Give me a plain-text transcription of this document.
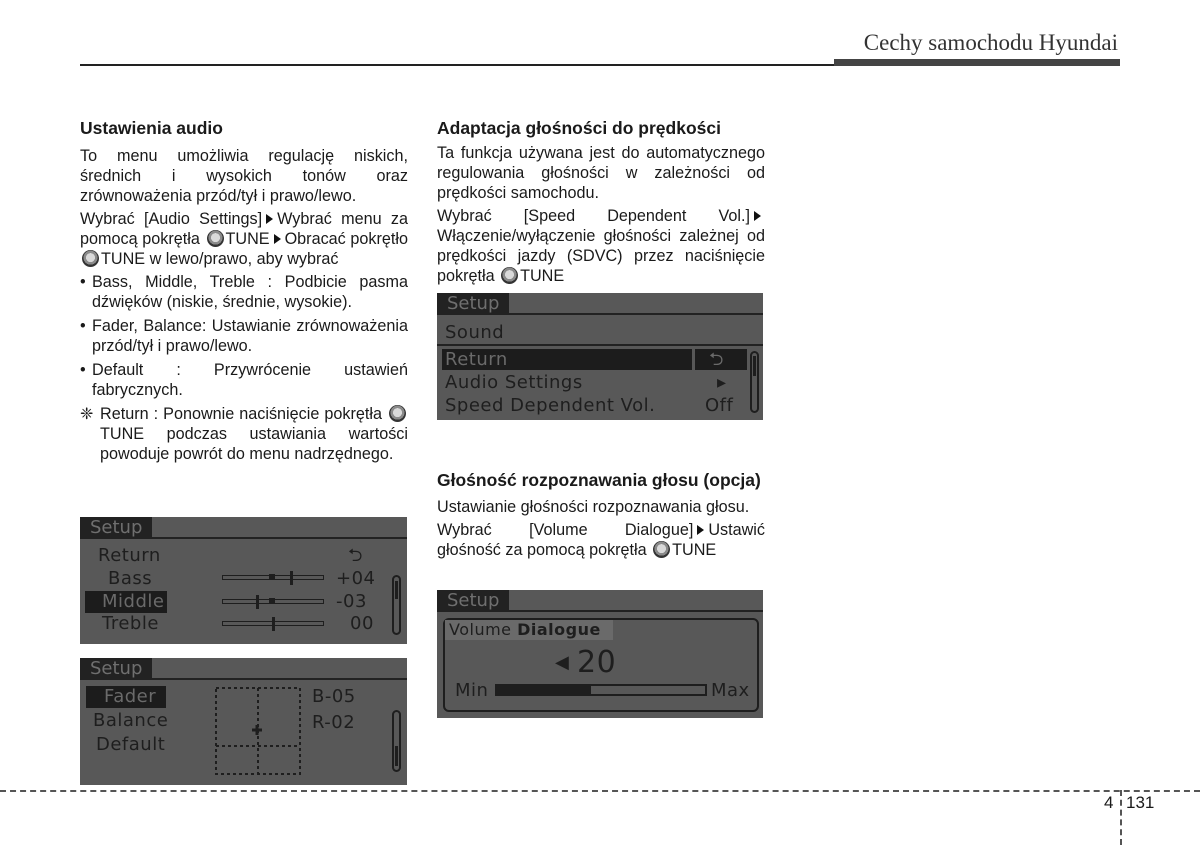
Cechy samochodu Hyundai
Ustawienia audio
To menu umożliwia regulację niskich, średnich i wysokich tonów oraz zrównoważenia przód/tył i prawo/lewo.
Wybrać [Audio Settings] Wybrać menu za pomocą pokrętła TUNE Obracać pokrętło TUNE w lewo/prawo, aby wybrać
• Bass, Middle, Treble : Podbicie pasma dźwięków (niskie, średnie, wysokie).
• Fader, Balance: Ustawianie zrównoważenia przód/tył i prawo/lewo.
• Default : Przywrócenie ustawień fabrycznych.
❈ Return : Ponownie naciśnięcie pokrętła TUNE podczas ustawiania wartości powoduje powrót do menu nadrzędnego.
Setup
Return	⮌
Bass	+04
Middle	-03
Treble	00
Setup
Fader
Balance
Default
B-05
R-02
Adaptacja głośności do prędkości
Ta funkcja używana jest do automatycznego regulowania głośności w zależności od prędkości samochodu.
Wybrać [Speed Dependent Vol.]Włączenie/wyłączenie głośności zależnej od prędkości jazdy (SDVC) przez naciśnięcie pokrętła TUNE
Głośność rozpoznawania głosu (opcja)
Ustawianie głośności rozpoznawania głosu.
Wybrać [Volume Dialogue] Ustawić głośność za pomocą pokrętła TUNE
Setup
Sound
Return	⮌
Audio Settings	▸
Speed Dependent Vol.	Off
Setup
Volume Dialogue
◀ 20
Min	Max
4 131
